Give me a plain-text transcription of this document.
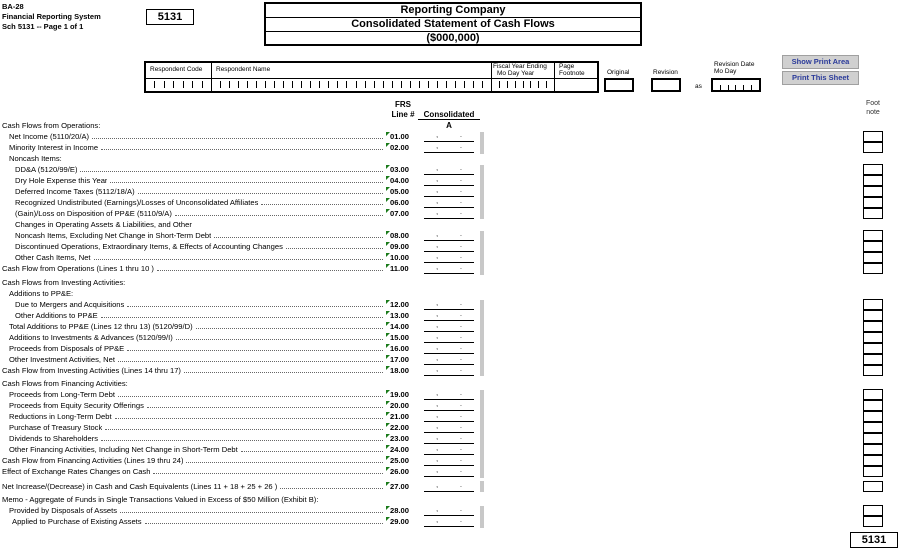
BA-28
Financial Reporting System
Sch 5131 -- Page 1 of 1
5131
Reporting Company
Consolidated Statement of Cash Flows
($000,000)
Show Print Area
Print This Sheet
Respondent Code Respondent Name	Fiscal Year Ending
Mo Day Year
Page Footnote	Original	Revision
as
Revision Date
Mo Day
FRS
Line #	Consolidated
A
Foot
note
Cash Flows from Operations:
Noncash Items:
Changes in Operating Assets & Liabilities, and Other
Cash Flows from Investing Activities:
Additions to PP&E:
Cash Flows from Financing Activities:
Memo - Aggregate of Funds in Single Transactions Valued in Excess of $50 Million (Exhibit B):
Net Income (5110/20/A)	01.00	, .
Minority Interest in Income	02.00	, .
DD&A (5120/99/E)	03.00	, .
Dry Hole Expense this Year	04.00	, .
Deferred Income Taxes (5112/18/A)	05.00	, .
Recognized Undistributed (Earnings)/Losses of Unconsolidated Affiliates	06.00	, .
(Gain)/Loss on Disposition of PP&E (5110/9/A)	07.00	, .
Noncash Items, Excluding Net Change in Short-Term Debt	08.00	, .
Discontinued Operations, Extraordinary Items, & Effects of Accounting Changes	09.00	, .
Other Cash Items, Net	10.00	, .
Cash Flow from Operations (Lines 1 thru 10 )	11.00	, .
Due to Mergers and Acquisitions	12.00	, .
Other Additions to PP&E	13.00	, .
Total Additions to PP&E (Lines 12 thru 13) (5120/99/D)	14.00	, .
Additions to Investments & Advances (5120/99/I)	15.00	, .
Proceeds from Disposals of PP&E	16.00	, .
Other Investment Activities, Net	17.00	, .
Cash Flow from Investing Activities (Lines 14 thru 17)	18.00	, .
Proceeds from Long-Term Debt	19.00	, .
Proceeds from Equity Security Offerings	20.00	, .
Reductions in Long-Term Debt	21.00	, .
Purchase of Treasury Stock	22.00	, .
Dividends to Shareholders	23.00	, .
Other Financing Activities, Including Net Change in Short-Term Debt	24.00	, .
Cash Flow from Financing Activities (Lines 19 thru 24)	25.00	, .
Effect of Exchange Rates Changes on Cash	26.00	, .
Net Increase/(Decrease) in Cash and Cash Equivalents (Lines 11 + 18 + 25 + 26 )	27.00	, .
Provided by Disposals of Assets	28.00	, .
Applied to Purchase of Existing Assets	29.00	, .
5131
